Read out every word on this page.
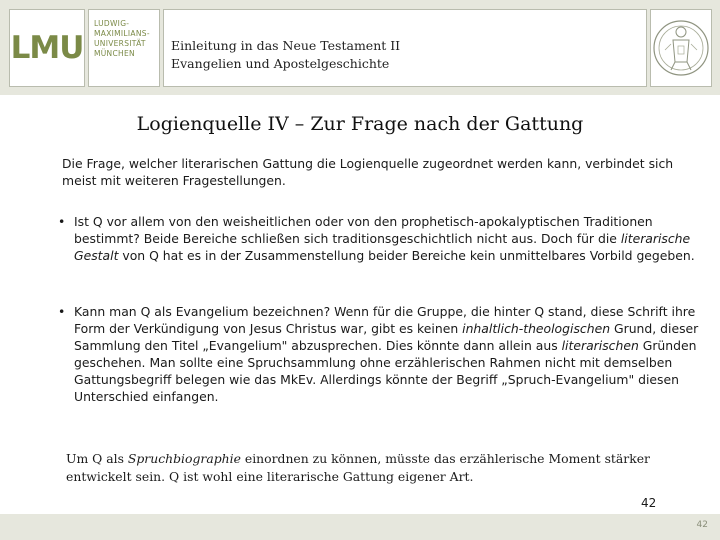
LMU
LUDWIG-
MAXIMILIANS-
UNIVERSITÄT
MÜNCHEN
Einleitung in das Neue Testament II
Evangelien und Apostelgeschichte
Logienquelle IV – Zur Frage nach der Gattung

Die Frage, welcher literarischen Gattung die Logienquelle zugeordnet werden kann, verbindet sich meist mit weiteren Fragestellungen.

• Ist Q vor allem von den weisheitlichen oder von den prophetisch-apokalyptischen Traditionen bestimmt? Beide Bereiche schließen sich traditionsgeschichtlich nicht aus. Doch für die literarische Gestalt von Q hat es in der Zusammenstellung beider Bereiche kein unmittelbares Vorbild gegeben.
• Kann man Q als Evangelium bezeichnen? Wenn für die Gruppe, die hinter Q stand, diese Schrift ihre Form der Verkündigung von Jesus Christus war, gibt es keinen inhaltlich-theologischen Grund, dieser Sammlung den Titel „Evangelium" abzusprechen. Dies könnte dann allein aus literarischen Gründen geschehen. Man sollte eine Spruchsammlung ohne erzählerischen Rahmen nicht mit demselben Gattungsbegriff belegen wie das MkEv. Allerdings könnte der Begriff „Spruch-Evangelium" diesen Unterschied einfangen.
Um Q als Spruchbiographie einordnen zu können, müsste das erzählerische Moment stärker entwickelt sein. Q ist wohl eine literarische Gattung eigener Art.
42
42
